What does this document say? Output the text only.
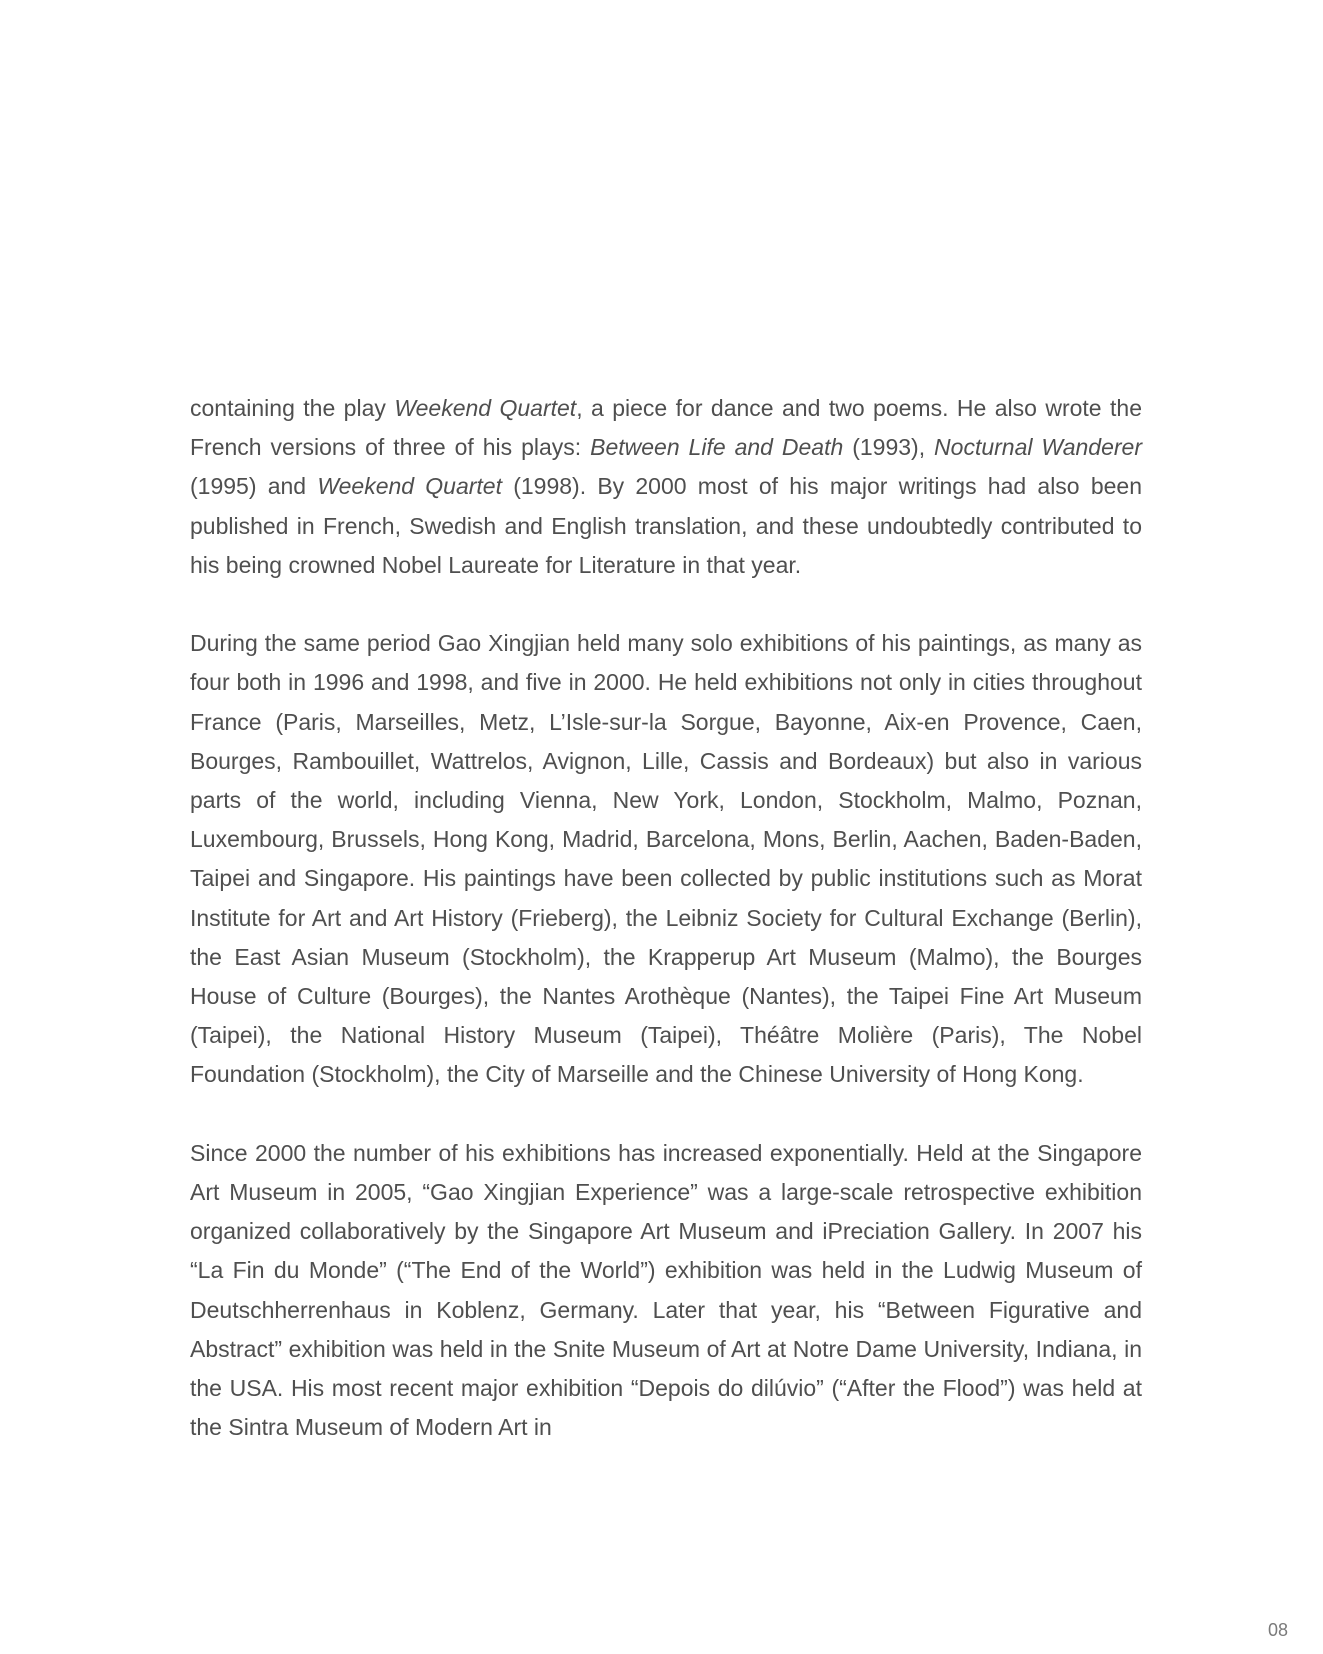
containing the play Weekend Quartet, a piece for dance and two poems. He also wrote the French versions of three of his plays: Between Life and Death (1993), Nocturnal Wanderer (1995) and Weekend Quartet (1998). By 2000 most of his major writings had also been published in French, Swedish and English translation, and these undoubtedly contributed to his being crowned Nobel Laureate for Literature in that year.

During the same period Gao Xingjian held many solo exhibitions of his paintings, as many as four both in 1996 and 1998, and five in 2000. He held exhibitions not only in cities throughout France (Paris, Marseilles, Metz, L’Isle-sur-la Sorgue, Bayonne, Aix-en Provence, Caen, Bourges, Rambouillet, Wattrelos, Avignon, Lille, Cassis and Bordeaux) but also in various parts of the world, including Vienna, New York, London, Stockholm, Malmo, Poznan, Luxembourg, Brussels, Hong Kong, Madrid, Barcelona, Mons, Berlin, Aachen, Baden-Baden, Taipei and Singapore. His paintings have been collected by public institutions such as Morat Institute for Art and Art History (Frieberg), the Leibniz Society for Cultural Exchange (Berlin), the East Asian Museum (Stockholm), the Krapperup Art Museum (Malmo), the Bourges House of Culture (Bourges), the Nantes Arothèque (Nantes), the Taipei Fine Art Museum (Taipei), the National History Museum (Taipei), Théâtre Molière (Paris), The Nobel Foundation (Stockholm), the City of Marseille and the Chinese University of Hong Kong.

Since 2000 the number of his exhibitions has increased exponentially. Held at the Singapore Art Museum in 2005, “Gao Xingjian Experience” was a large-scale retrospective exhibition organized collaboratively by the Singapore Art Museum and iPreciation Gallery. In 2007 his “La Fin du Monde” (“The End of the World”) exhibition was held in the Ludwig Museum of Deutschherrenhaus in Koblenz, Germany. Later that year, his “Between Figurative and Abstract” exhibition was held in the Snite Museum of Art at Notre Dame University, Indiana, in the USA. His most recent major exhibition “Depois do dilúvio” (“After the Flood”) was held at the Sintra Museum of Modern Art in

08
